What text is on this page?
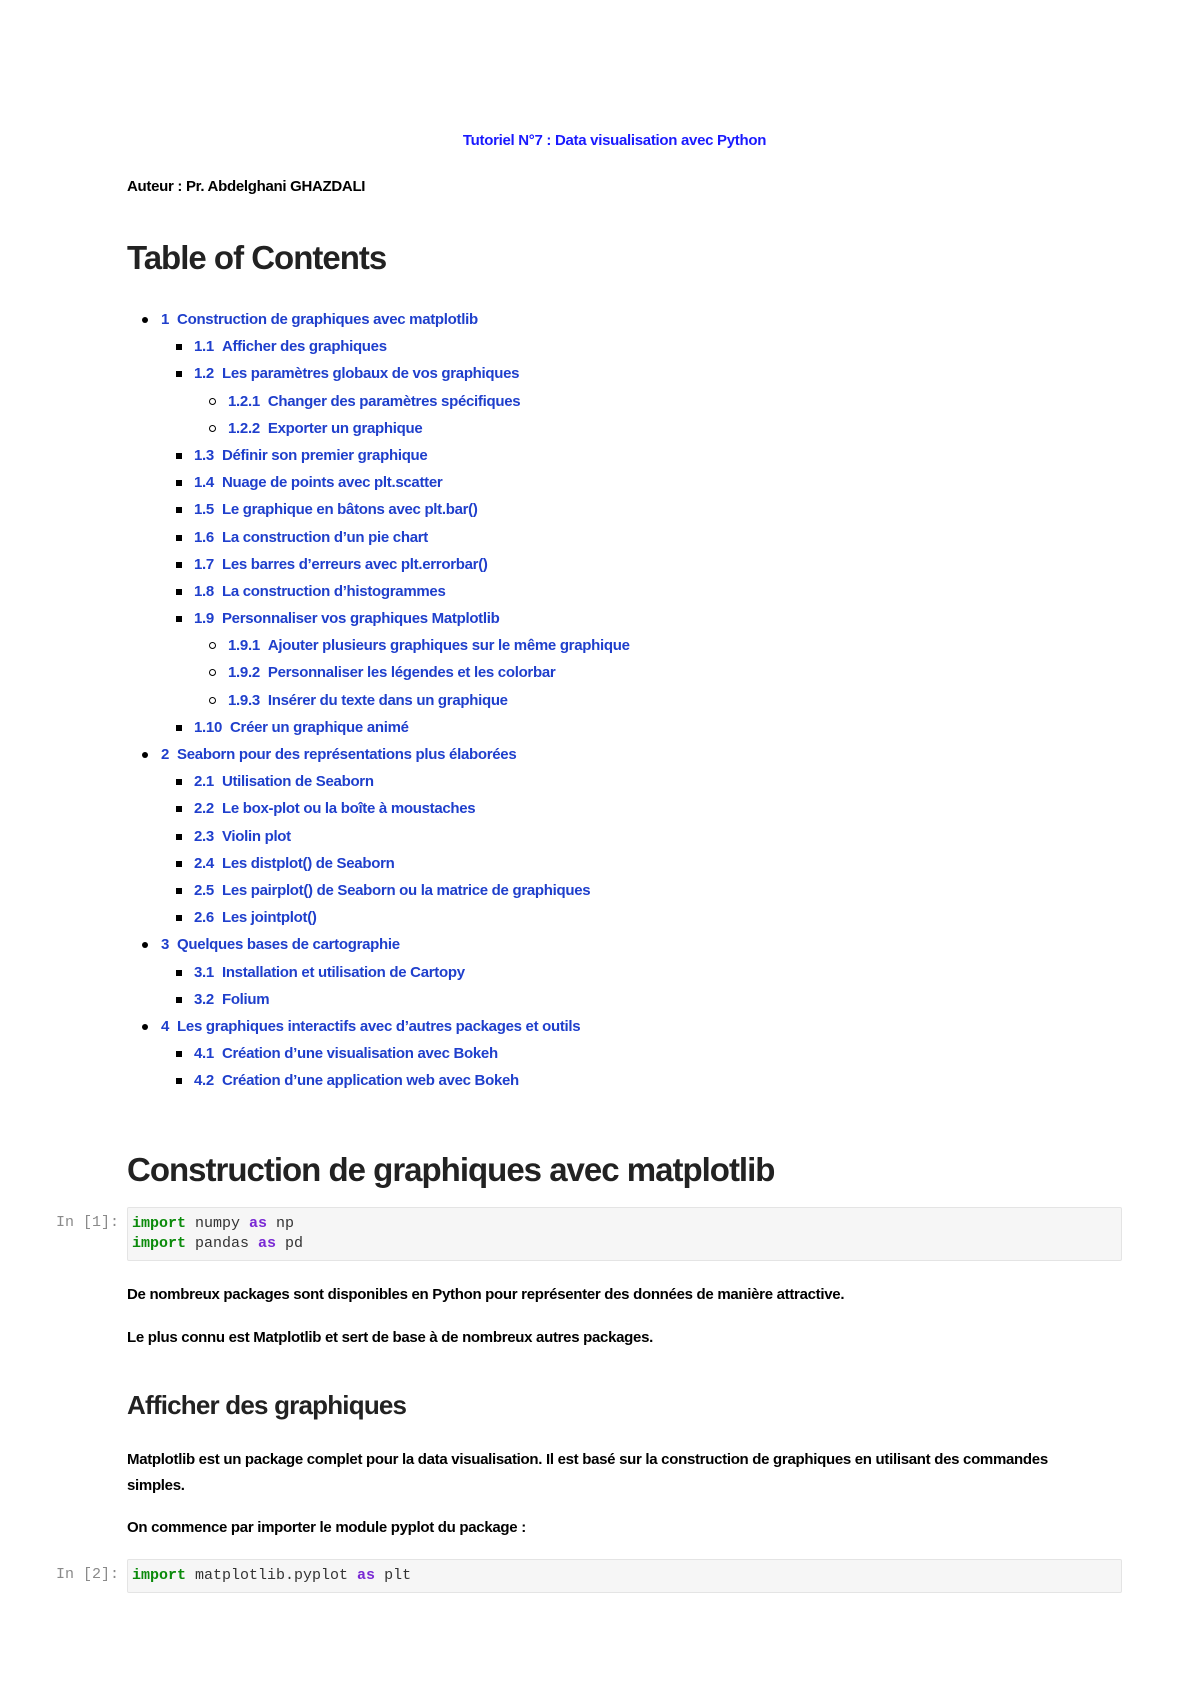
Tutoriel N°7 : Data visualisation avec Python
Auteur : Pr. Abdelghani GHAZDALI
Table of Contents
1 Construction de graphiques avec matplotlib
1.1 Afficher des graphiques
1.2 Les paramètres globaux de vos graphiques
1.2.1 Changer des paramètres spécifiques
1.2.2 Exporter un graphique
1.3 Définir son premier graphique
1.4 Nuage de points avec plt.scatter
1.5 Le graphique en bâtons avec plt.bar()
1.6 La construction d’un pie chart
1.7 Les barres d’erreurs avec plt.errorbar()
1.8 La construction d’histogrammes
1.9 Personnaliser vos graphiques Matplotlib
1.9.1 Ajouter plusieurs graphiques sur le même graphique
1.9.2 Personnaliser les légendes et les colorbar
1.9.3 Insérer du texte dans un graphique
1.10 Créer un graphique animé
2 Seaborn pour des représentations plus élaborées
2.1 Utilisation de Seaborn
2.2 Le box-plot ou la boîte à moustaches
2.3 Violin plot
2.4 Les distplot() de Seaborn
2.5 Les pairplot() de Seaborn ou la matrice de graphiques
2.6 Les jointplot()
3 Quelques bases de cartographie
3.1 Installation et utilisation de Cartopy
3.2 Folium
4 Les graphiques interactifs avec d’autres packages et outils
4.1 Création d’une visualisation avec Bokeh
4.2 Création d’une application web avec Bokeh
Construction de graphiques avec matplotlib
In [1]: import numpy as np
import pandas as pd
De nombreux packages sont disponibles en Python pour représenter des données de manière attractive.
Le plus connu est Matplotlib et sert de base à de nombreux autres packages.
Afficher des graphiques
Matplotlib est un package complet pour la data visualisation. Il est basé sur la construction de graphiques en utilisant des commandes simples.
On commence par importer le module pyplot du package :
In [2]: import matplotlib.pyplot as plt
